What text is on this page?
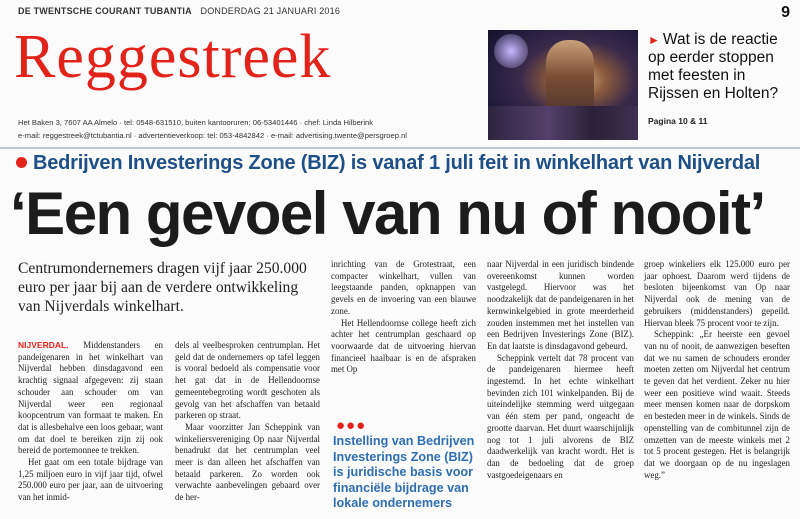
DE TWENTSCHE COURANT TUBANTIA DONDERDAG 21 JANUARI 2016	9
Reggestreek
Het Baken 3, 7607 AA Almelo · tel: 0548-631510, buiten kantooruren: 06-53401446 · chef: Linda Hilberink
e-mail: reggestreek@tctubantia.nl · advertentieverkoop: tel: 053-4842842 · e-mail: advertising.twente@persgroep.nl
► Wat is de reactie op eerder stoppen met feesten in Rijssen en Holten?
Pagina 10 & 11
Bedrijven Investerings Zone (BIZ) is vanaf 1 juli feit in winkelhart van Nijverdal
‘Een gevoel van nu of nooit’
Centrumondernemers dragen vijf jaar 250.000 euro per jaar bij aan de verdere ontwikkeling van Nijverdals winkelhart.

NIJVERDAL. Middenstanders en pandeigenaren in het winkelhart van Nijverdal hebben dinsdagavond een krachtig signaal afgegeven: zij staan schouder aan schouder om van Nijverdal weer een regionaal koopcentrum van formaat te maken. En dat is allesbehalve een loos gebaar, want om dat doel te bereiken zijn zij ook bereid de portemonnee te trekken.

Het gaat om een totale bijdrage van 1,25 miljoen euro in vijf jaar tijd, ofwel 250.000 euro per jaar, aan de uitvoering van het inmid-

dels al veelbesproken centrumplan. Het geld dat de ondernemers op tafel leggen is vooral bedoeld als compensatie voor het gat dat in de Hellendoornse gemeentebegroting wordt geschoten als gevolg van het afschaffen van betaald parkeren op straat.

Maar voorzitter Jan Scheppink van winkeliersvereniging Op naar Nijverdal benadrukt dat het centrumplan veel meer is dan alleen het afschaffen van betaald parkeren. Zo worden ook verwachte aanbevelingen gebaard over de her-

inrichting van de Grotestraat, een compacter winkelhart, vullen van leegstaande panden, opknappen van gevels en de invoering van een blauwe zone.

Het Hellendoornse college heeft zich achter het centrumplan geschaard op voorwaarde dat de uitvoering hiervan financieel haalbaar is en de afspraken met Op

●●●
Instelling van Bedrijven Investerings Zone (BIZ) is juridische basis voor financiële bijdrage van lokale ondernemers

naar Nijverdal in een juridisch bindende overeenkomst kunnen worden vastgelegd. Hiervoor was het noodzakelijk dat de pandeigenaren in het kernwinkelgebied in grote meerderheid zouden instemmen met het instellen van een Bedrijven Investerings Zone (BIZ). En dat laatste is dinsdagavond gebeurd.

Scheppink vertelt dat 78 procent van de pandeigenaren hiermee heeft ingestemd. In het echte winkelhart bevinden zich 101 winkelpanden. Bij de uiteindelijke stemming werd uitgegaan van één stem per pand, ongeacht de grootte daarvan. Het duurt waarschijnlijk nog tot 1 juli alvorens de BIZ daadwerkelijk van kracht wordt. Het is dan de bedoeling dat de groep vastgoedeigenaars en

groep winkeliers elk 125.000 euro per jaar ophoest. Daarom werd tijdens de besloten bijeenkomst van Op naar Nijverdal ook de mening van de gebruikers (middenstanders) gepeild. Hiervan bleek 75 procent voor te zijn.

Scheppink: „Er heerste een gevoel van nu of nooit, de aanwezigen beseften dat we nu samen de schouders eronder moeten zetten om Nijverdal het centrum te geven dat het verdient. Zeker nu hier weer een positieve wind waait. Steeds meer mensen komen naar de dorpskom en besteden meer in de winkels. Sinds de openstelling van de combitunnel zijn de omzetten van de meeste winkels met 2 tot 5 procent gestegen. Het is belangrijk dat we doorgaan op de nu ingeslagen weg.”
